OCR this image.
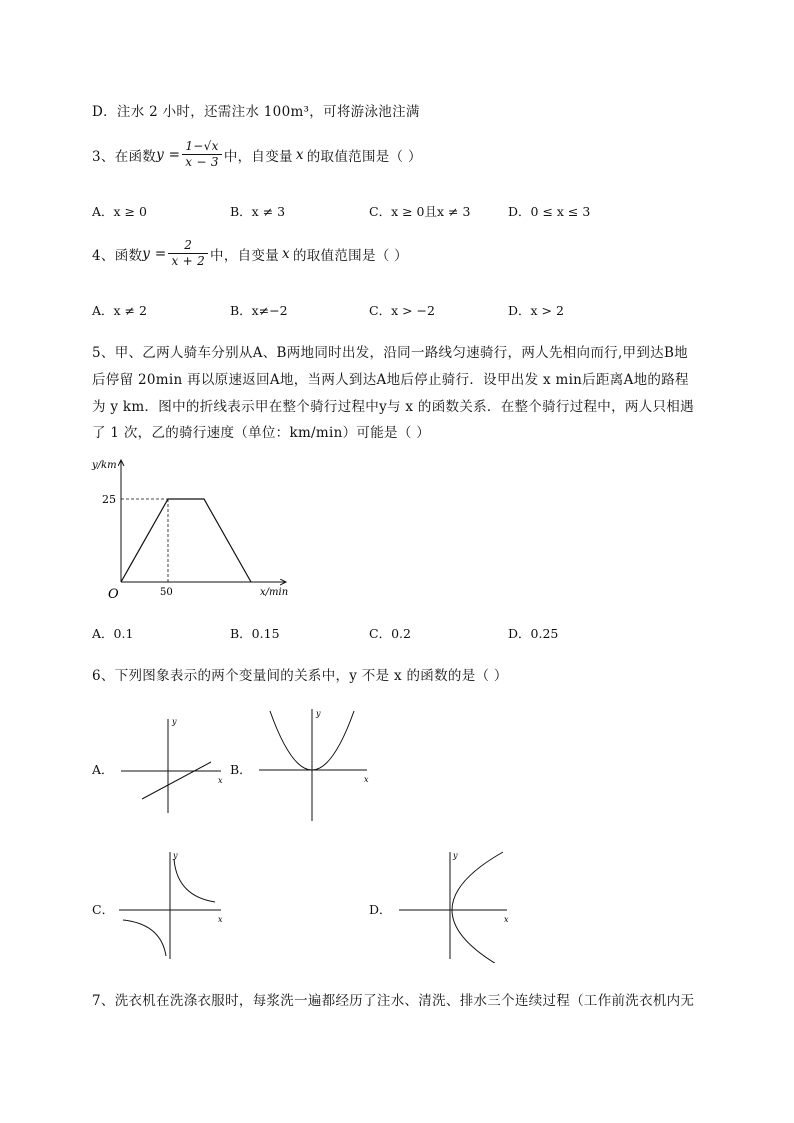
D．注水 2 小时，还需注水 100m³，可将游泳池注满
3、在函数 $y = \frac{1-√x}{x - 3}$ 中，自变量 x 的取值范围是（ ）
A．x ≥ 0	B．x ≠ 3	C．x ≥ 0且x ≠ 3	D．0 ≤ x ≤ 3
4、函数 $y = \frac{2}{x + 2}$ 中，自变量 x 的取值范围是（ ）
A．x ≠ 2	B．x≠−2	C．x > −2	D．x > 2
5、甲、乙两人骑车分别从A、B两地同时出发，沿同一路线匀速骑行，两人先相向而行,甲到达B地
后停留 20min 再以原速返回A地，当两人到达A地后停止骑行．设甲出发 x min后距离A地的路程
为 y km．图中的折线表示甲在整个骑行过程中y与 x 的函数关系．在整个骑行过程中，两人只相遇
了 1 次，乙的骑行速度（单位：km/min）可能是（ ）
y/km
25
O	50	x/min
A．0.1	B．0.15	C．0.2	D．0.25
6、下列图象表示的两个变量间的关系中，y 不是 x 的函数的是（ ）
A．	B．
C．	D．
y
x
y
x
y
x
y
x
7、洗衣机在洗涤衣服时，每浆洗一遍都经历了注水、清洗、排水三个连续过程（工作前洗衣机内无
